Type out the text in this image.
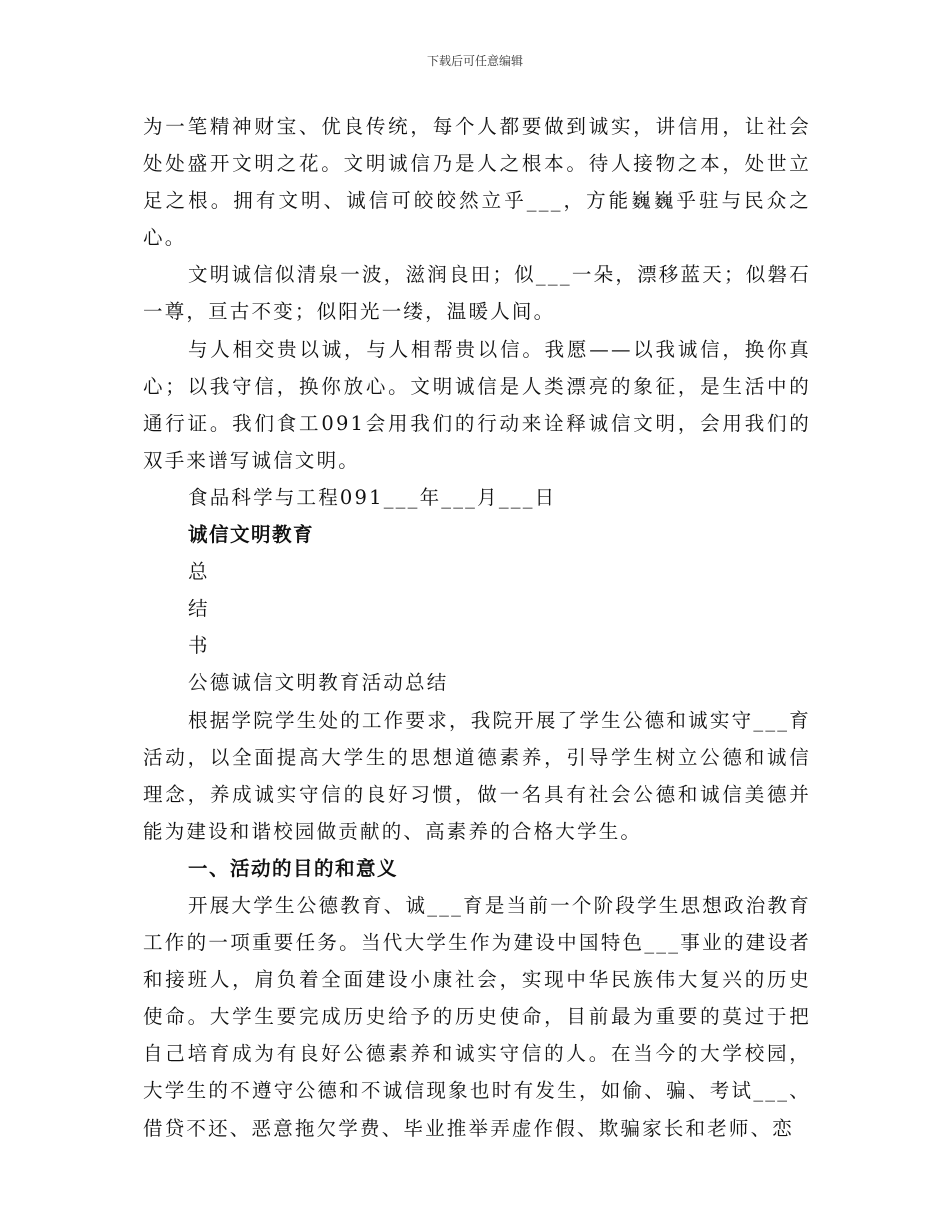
下载后可任意编辑

为一笔精神财宝、优良传统，每个人都要做到诚实，讲信用，让社会处处盛开文明之花。文明诚信乃是人之根本。待人接物之本，处世立足之根。拥有文明、诚信可皎皎然立乎___，方能巍巍乎驻与民众之心。

文明诚信似清泉一波，滋润良田；似___一朵，漂移蓝天；似磐石一尊，亘古不变；似阳光一缕，温暖人间。

与人相交贵以诚，与人相帮贵以信。我愿——以我诚信，换你真心；以我守信，换你放心。文明诚信是人类漂亮的象征，是生活中的通行证。我们食工091会用我们的行动来诠释诚信文明，会用我们的双手来谱写诚信文明。

食品科学与工程091___年___月___日

诚信文明教育

总

结

书

公德诚信文明教育活动总结

根据学院学生处的工作要求，我院开展了学生公德和诚实守___育活动，以全面提高大学生的思想道德素养，引导学生树立公德和诚信理念，养成诚实守信的良好习惯，做一名具有社会公德和诚信美德并能为建设和谐校园做贡献的、高素养的合格大学生。

一、活动的目的和意义

开展大学生公德教育、诚___育是当前一个阶段学生思想政治教育工作的一项重要任务。当代大学生作为建设中国特色___事业的建设者和接班人，肩负着全面建设小康社会，实现中华民族伟大复兴的历史使命。大学生要完成历史给予的历史使命，目前最为重要的莫过于把自己培育成为有良好公德素养和诚实守信的人。在当今的大学校园，大学生的不遵守公德和不诚信现象也时有发生，如偷、骗、考试___、借贷不还、恶意拖欠学费、毕业推举弄虚作假、欺骗家长和老师、恋
